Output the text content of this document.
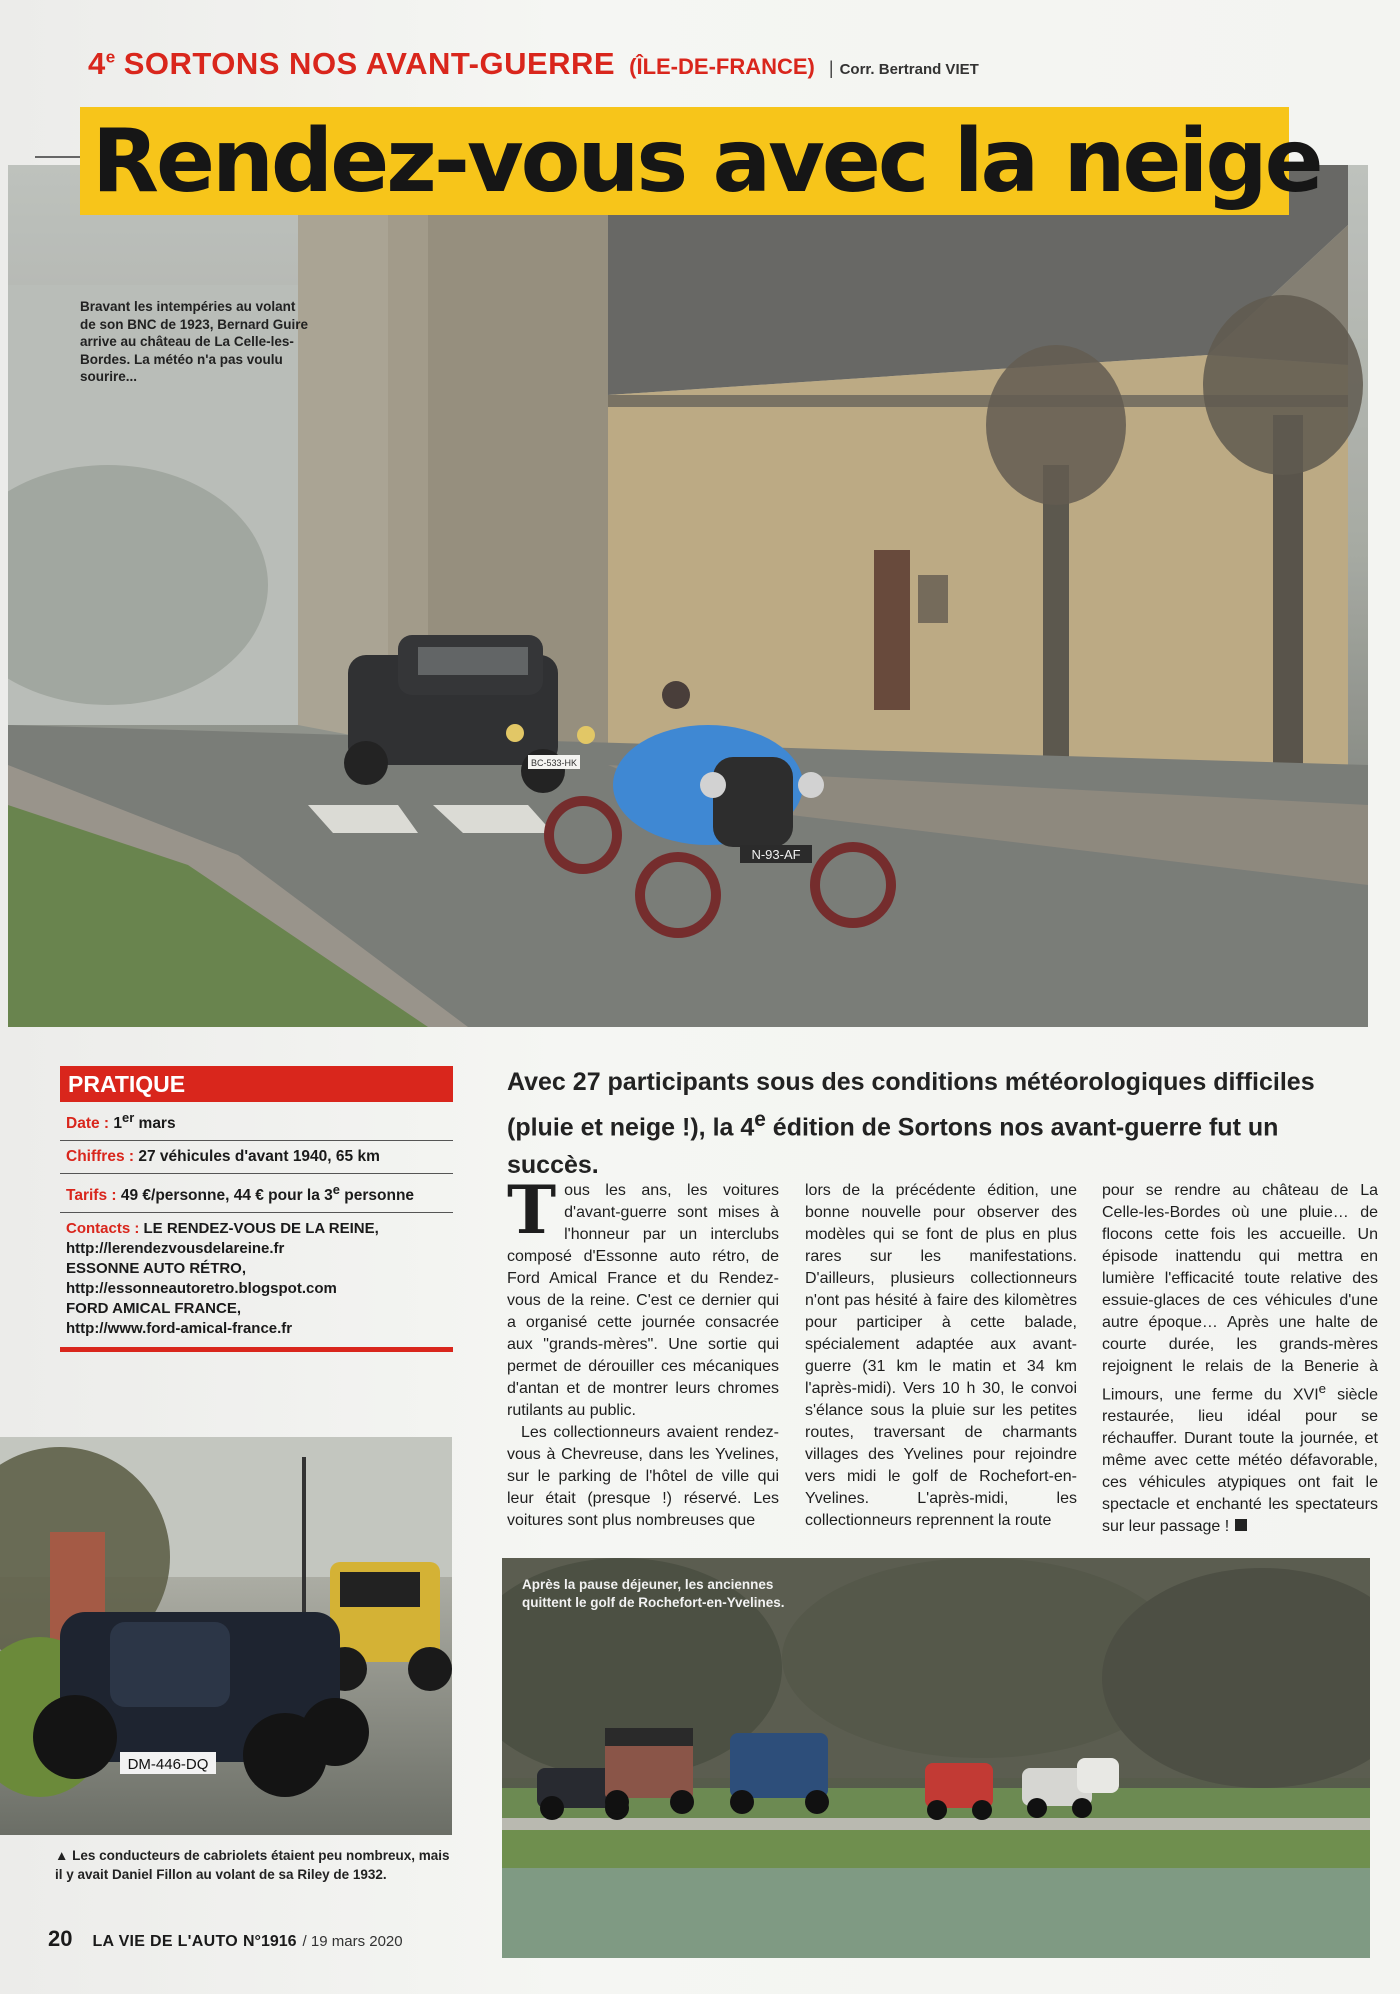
4e SORTONS NOS AVANT-GUERRE (ÎLE-DE-FRANCE) | Corr. Bertrand VIET
Rendez-vous avec la neige
BC-533-HK
N-93-AF
Bravant les intempéries au volant de son BNC de 1923, Bernard Guire arrive au château de La Celle-les-Bordes. La météo n'a pas voulu sourire...
PRATIQUE
Date : 1er mars
Chiffres : 27 véhicules d'avant 1940, 65 km
Tarifs : 49 €/personne, 44 € pour la 3e personne
Contacts : LE RENDEZ-VOUS DE LA REINE,
http://lerendezvousdelareine.fr
ESSONNE AUTO RÉTRO,
http://essonneautoretro.blogspot.com
FORD AMICAL FRANCE,
http://www.ford-amical-france.fr
Avec 27 participants sous des conditions météorologiques difficiles (pluie et neige !), la 4e édition de Sortons nos avant-guerre fut un succès.

Tous les ans, les voitures d'avant-guerre sont mises à l'honneur par un interclubs composé d'Essonne auto rétro, de Ford Amical France et du Rendez-vous de la reine. C'est ce dernier qui a organisé cette journée consacrée aux "grands-mères". Une sortie qui permet de dérouiller ces mécaniques d'antan et de montrer leurs chromes rutilants au public.

Les collectionneurs avaient rendez-vous à Chevreuse, dans les Yvelines, sur le parking de l'hôtel de ville qui leur était (presque !) réservé. Les voitures sont plus nombreuses que

lors de la précédente édition, une bonne nouvelle pour observer des modèles qui se font de plus en plus rares sur les manifestations. D'ailleurs, plusieurs collectionneurs n'ont pas hésité à faire des kilomètres pour participer à cette balade, spécialement adaptée aux avant-guerre (31 km le matin et 34 km l'après-midi). Vers 10 h 30, le convoi s'élance sous la pluie sur les petites routes, traversant de charmants villages des Yvelines pour rejoindre vers midi le golf de Rochefort-en-Yvelines. L'après-midi, les collectionneurs reprennent la route

pour se rendre au château de La Celle-les-Bordes où une pluie… de flocons cette fois les accueille. Un épisode inattendu qui mettra en lumière l'efficacité toute relative des essuie-glaces de ces véhicules d'une autre époque… Après une halte de courte durée, les grands-mères rejoignent le relais de la Benerie à Limours, une ferme du XVIe siècle restaurée, lieu idéal pour se réchauffer. Durant toute la journée, et même avec cette météo défavorable, ces véhicules atypiques ont fait le spectacle et enchanté les spectateurs sur leur passage !

DM-446-DQ
▲ Les conducteurs de cabriolets étaient peu nombreux, mais il y avait Daniel Fillon au volant de sa Riley de 1932.
Après la pause déjeuner, les anciennes quittent le golf de Rochefort-en-Yvelines.
20 LA VIE DE L'AUTO N°1916 / 19 mars 2020
